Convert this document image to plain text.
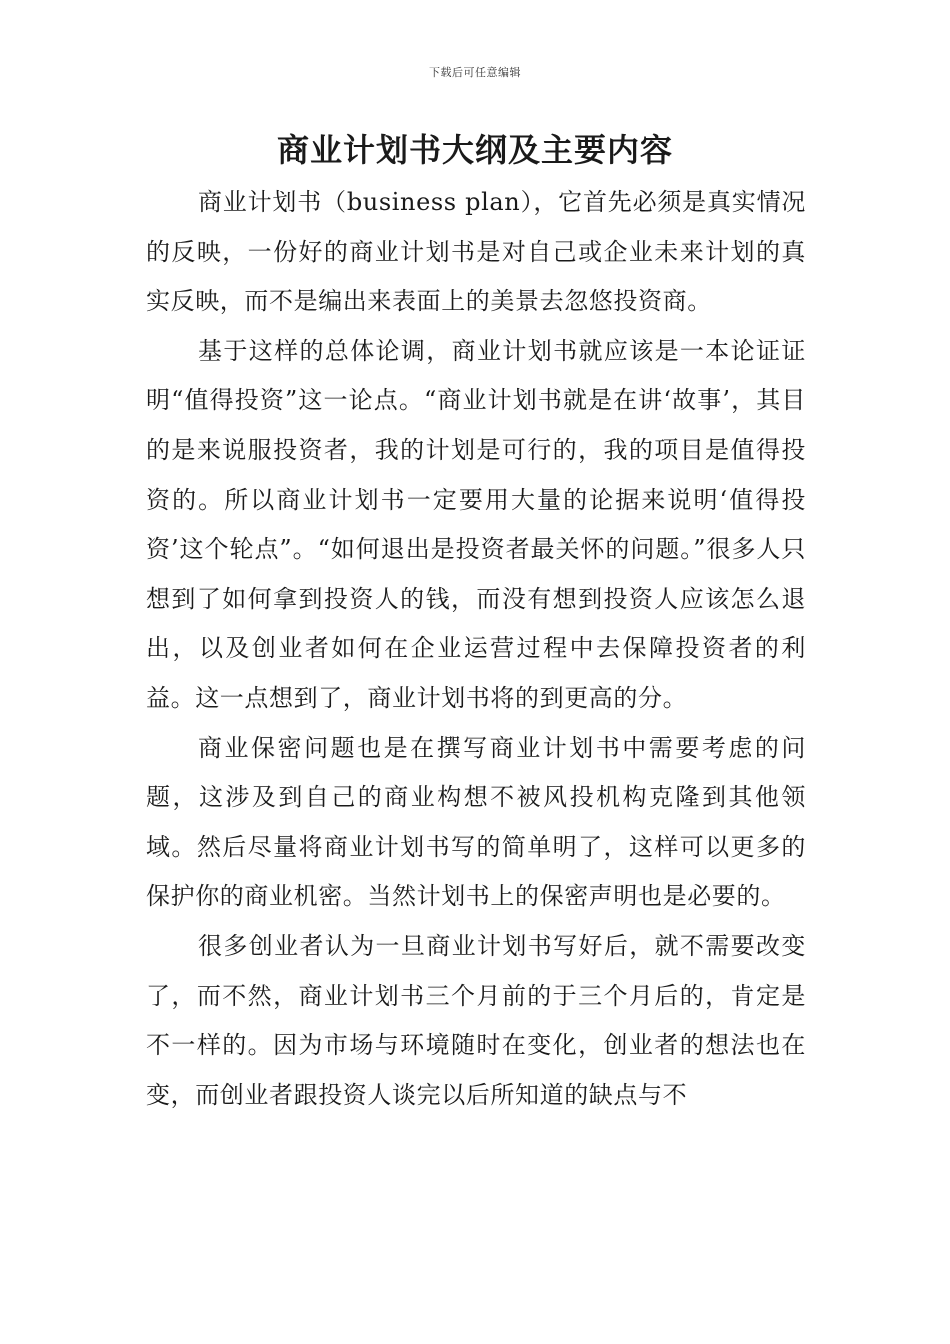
下载后可任意编辑
商业计划书大纲及主要内容

商业计划书（business plan），它首先必须是真实情况的反映，一份好的商业计划书是对自己或企业未来计划的真实反映，而不是编出来表面上的美景去忽悠投资商。

基于这样的总体论调，商业计划书就应该是一本论证证明“值得投资”这一论点。“商业计划书就是在讲‘故事’，其目的是来说服投资者，我的计划是可行的，我的项目是值得投资的。所以商业计划书一定要用大量的论据来说明‘值得投资’这个轮点”。“如何退出是投资者最关怀的问题。”很多人只想到了如何拿到投资人的钱，而没有想到投资人应该怎么退出，以及创业者如何在企业运营过程中去保障投资者的利益。这一点想到了，商业计划书将的到更高的分。

商业保密问题也是在撰写商业计划书中需要考虑的问题，这涉及到自己的商业构想不被风投机构克隆到其他领域。然后尽量将商业计划书写的简单明了，这样可以更多的保护你的商业机密。当然计划书上的保密声明也是必要的。

很多创业者认为一旦商业计划书写好后，就不需要改变了，而不然，商业计划书三个月前的于三个月后的，肯定是不一样的。因为市场与环境随时在变化，创业者的想法也在变，而创业者跟投资人谈完以后所知道的缺点与不
